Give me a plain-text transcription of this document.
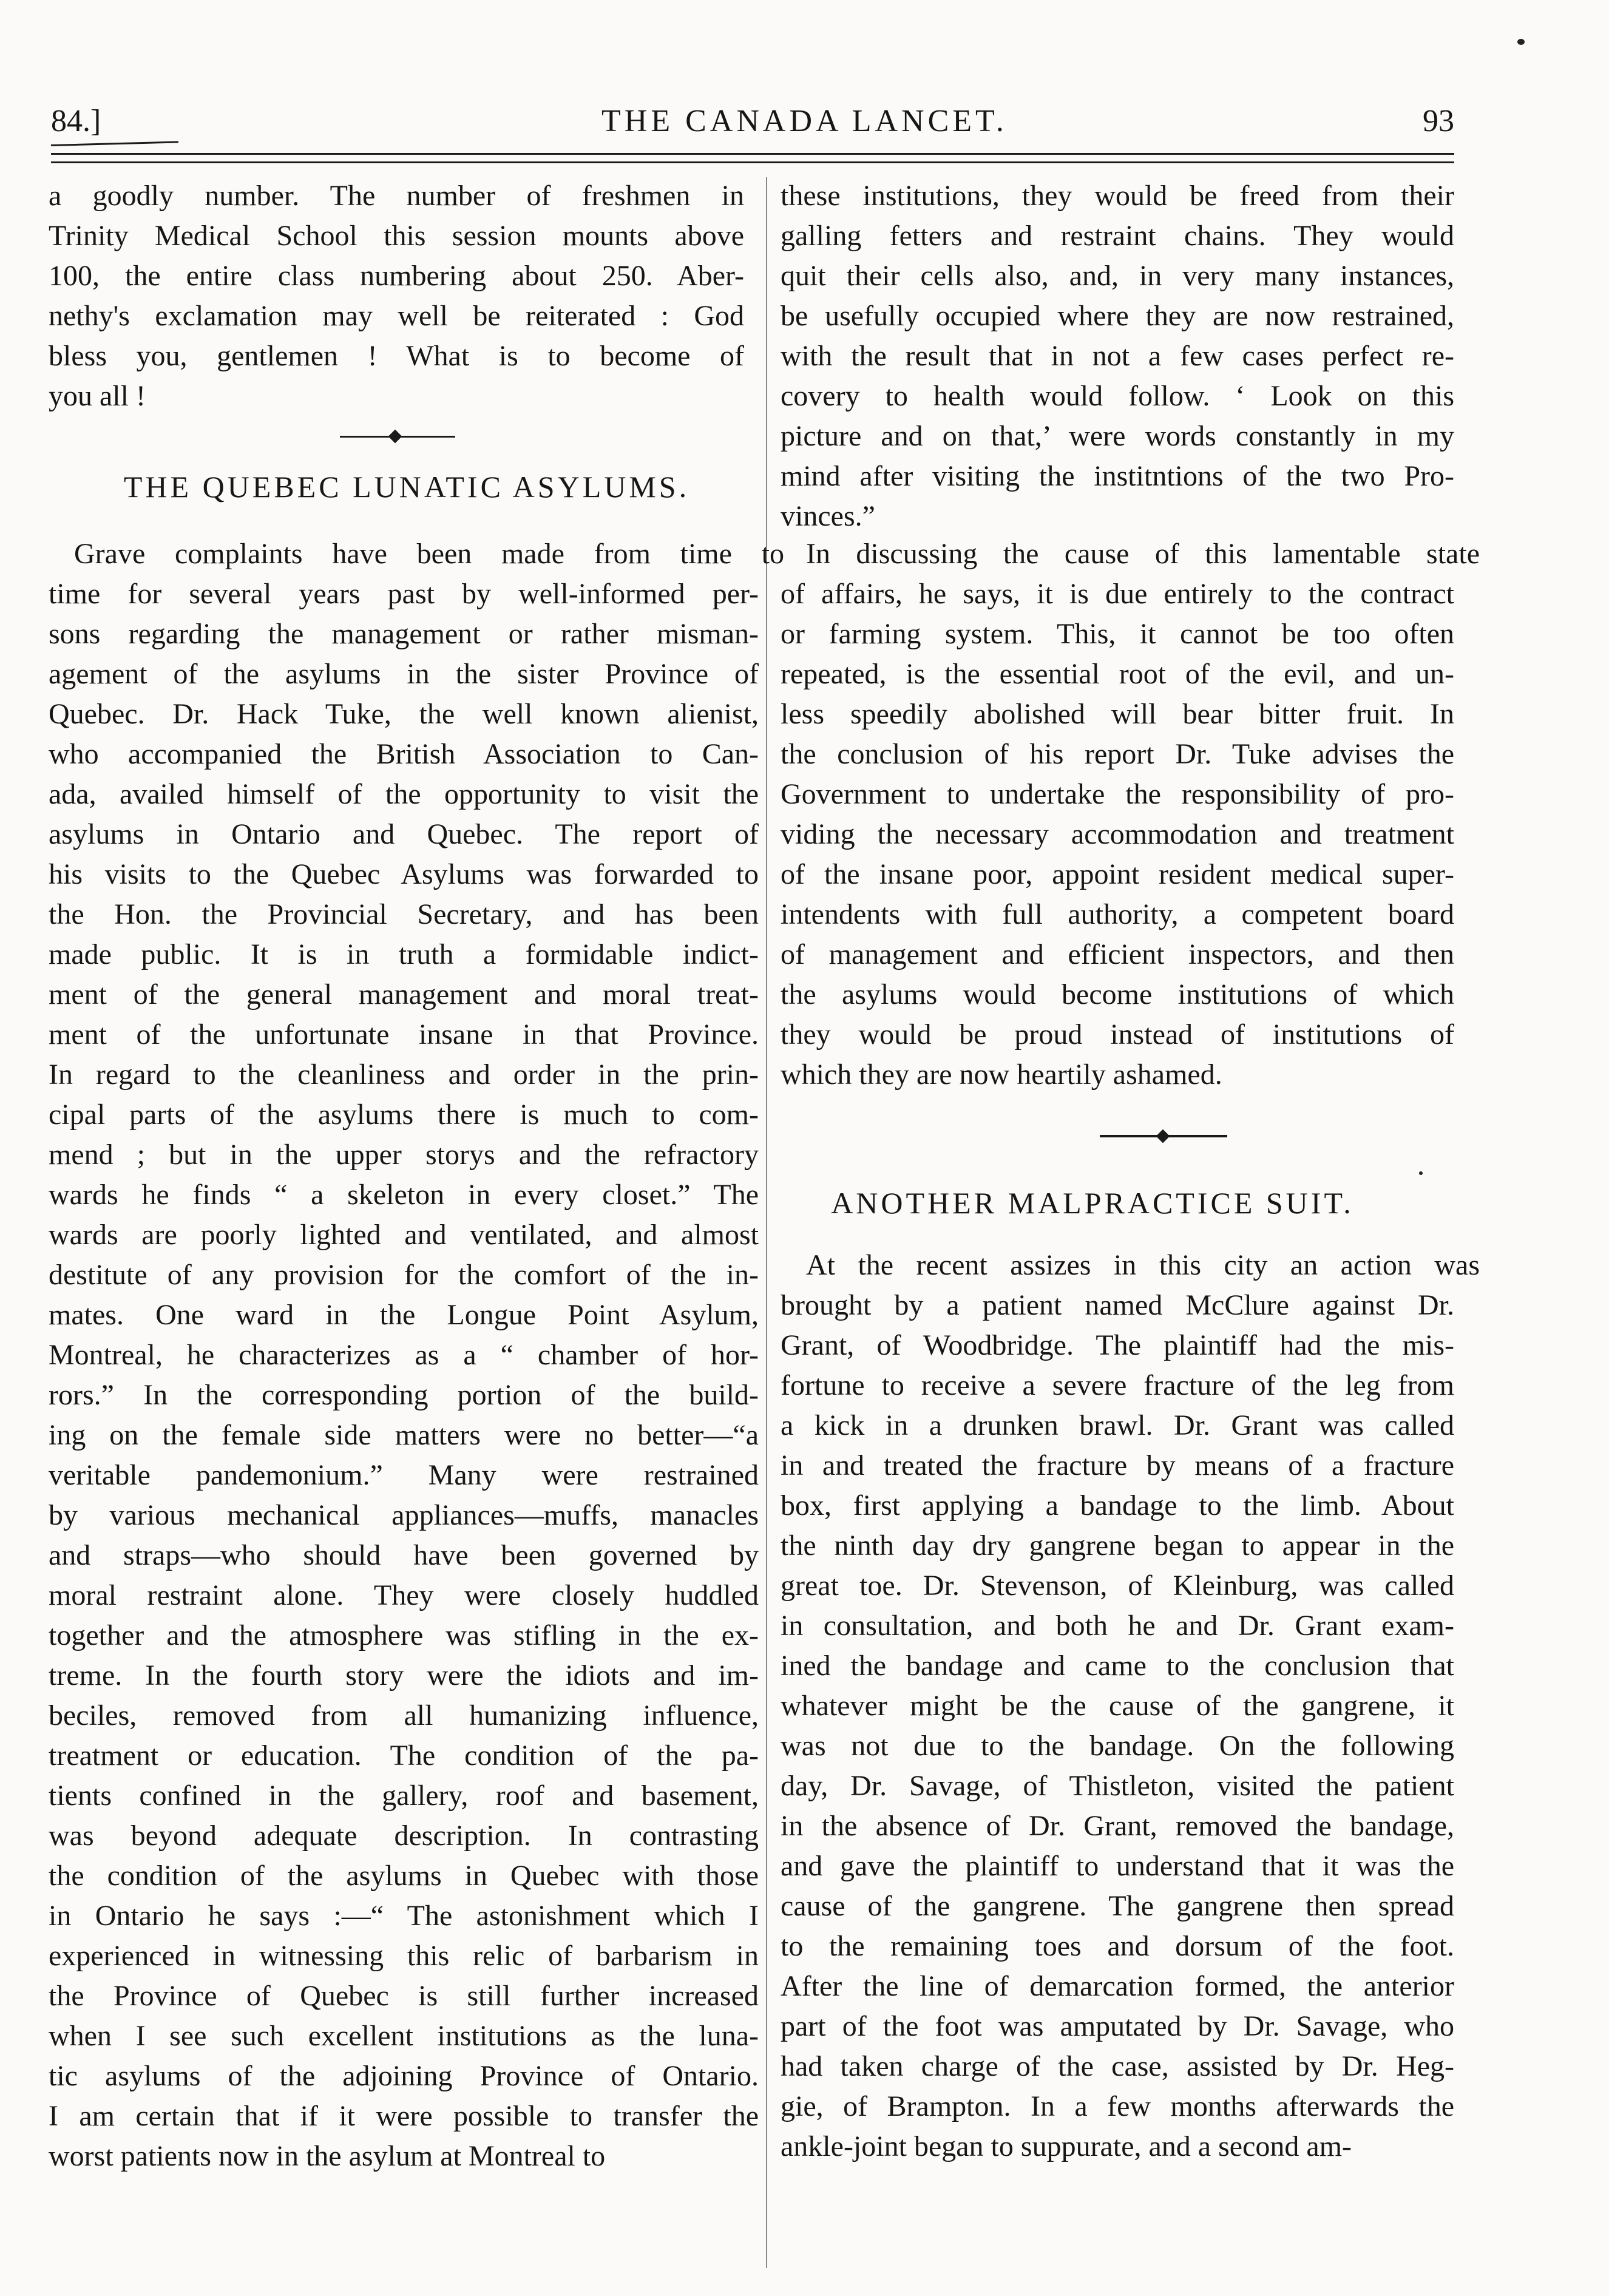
84.]	THE CANADA LANCET.	93
a goodly number. The number of freshmen in
Trinity Medical School this session mounts above
100, the entire class numbering about 250. Aber-
nethy's exclamation may well be reiterated : God
bless you, gentlemen ! What is to become of
you all !
Grave complaints have been made from time to
time for several years past by well-informed per-
sons regarding the management or rather misman-
agement of the asylums in the sister Province of
Quebec. Dr. Hack Tuke, the well known alienist,
who accompanied the British Association to Can-
ada, availed himself of the opportunity to visit the
asylums in Ontario and Quebec. The report of
his visits to the Quebec Asylums was forwarded to
the Hon. the Provincial Secretary, and has been
made public. It is in truth a formidable indict-
ment of the general management and moral treat-
ment of the unfortunate insane in that Province.
In regard to the cleanliness and order in the prin-
cipal parts of the asylums there is much to com-
mend ; but in the upper storys and the refractory
wards he finds “ a skeleton in every closet.” The
wards are poorly lighted and ventilated, and almost
destitute of any provision for the comfort of the in-
mates. One ward in the Longue Point Asylum,
Montreal, he characterizes as a “ chamber of hor-
rors.” In the corresponding portion of the build-
ing on the female side matters were no better—“a
veritable pandemonium.” Many were restrained
by various mechanical appliances—muffs, manacles
and straps—who should have been governed by
moral restraint alone. They were closely huddled
together and the atmosphere was stifling in the ex-
treme. In the fourth story were the idiots and im-
beciles, removed from all humanizing influence,
treatment or education. The condition of the pa-
tients confined in the gallery, roof and basement,
was beyond adequate description. In contrasting
the condition of the asylums in Quebec with those
in Ontario he says :—“ The astonishment which I
experienced in witnessing this relic of barbarism in
the Province of Quebec is still further increased
when I see such excellent institutions as the luna-
tic asylums of the adjoining Province of Ontario.
I am certain that if it were possible to transfer the
worst patients now in the asylum at Montreal to
THE QUEBEC LUNATIC ASYLUMS.
these institutions, they would be freed from their
galling fetters and restraint chains. They would
quit their cells also, and, in very many instances,
be usefully occupied where they are now restrained,
with the result that in not a few cases perfect re-
covery to health would follow. ‘ Look on this
picture and on that,’ were words constantly in my
mind after visiting the institntions of the two Pro-
vinces.”
In discussing the cause of this lamentable state
of affairs, he says, it is due entirely to the contract
or farming system. This, it cannot be too often
repeated, is the essential root of the evil, and un-
less speedily abolished will bear bitter fruit. In
the conclusion of his report Dr. Tuke advises the
Government to undertake the responsibility of pro-
viding the necessary accommodation and treatment
of the insane poor, appoint resident medical super-
intendents with full authority, a competent board
of management and efficient inspectors, and then
the asylums would become institutions of which
they would be proud instead of institutions of
which they are now heartily ashamed.
At the recent assizes in this city an action was
brought by a patient named McClure against Dr.
Grant, of Woodbridge. The plaintiff had the mis-
fortune to receive a severe fracture of the leg from
a kick in a drunken brawl. Dr. Grant was called
in and treated the fracture by means of a fracture
box, first applying a bandage to the limb. About
the ninth day dry gangrene began to appear in the
great toe. Dr. Stevenson, of Kleinburg, was called
in consultation, and both he and Dr. Grant exam-
ined the bandage and came to the conclusion that
whatever might be the cause of the gangrene, it
was not due to the bandage. On the following
day, Dr. Savage, of Thistleton, visited the patient
in the absence of Dr. Grant, removed the bandage,
and gave the plaintiff to understand that it was the
cause of the gangrene. The gangrene then spread
to the remaining toes and dorsum of the foot.
After the line of demarcation formed, the anterior
part of the foot was amputated by Dr. Savage, who
had taken charge of the case, assisted by Dr. Heg-
gie, of Brampton. In a few months afterwards the
ankle-joint began to suppurate, and a second am-
ANOTHER MALPRACTICE SUIT.
